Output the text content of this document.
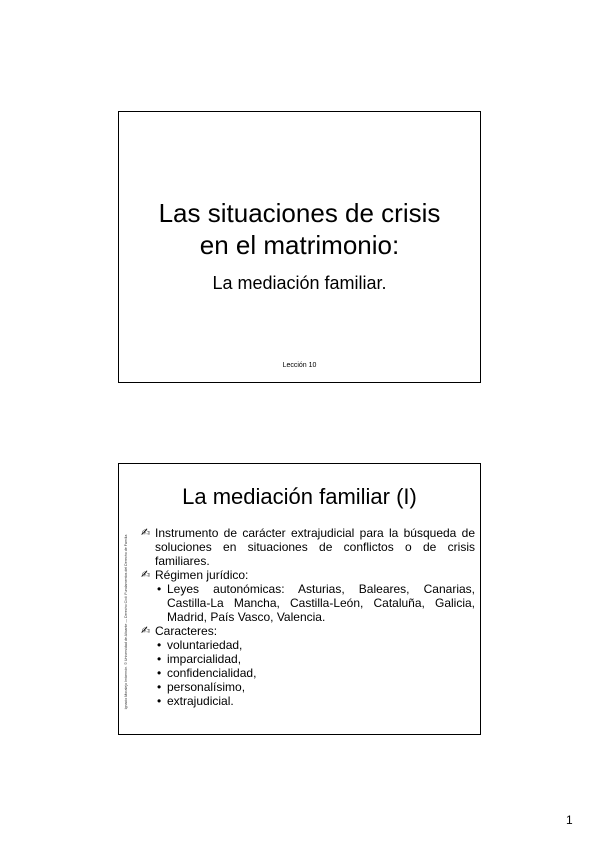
Las situaciones de crisis
en el matrimonio:
La mediación familiar.
Lección 10
La mediación familiar (I)
Ignacio Moralejo Imbernón. © Universidad de Alicante — Derecho Civil: Fundamentos del Derecho de Familia
✍ Instrumento de carácter extrajudicial para la búsqueda de soluciones en situaciones de conflictos o de crisis familiares.
✍ Régimen jurídico:
• Leyes autonómicas: Asturias, Baleares, Canarias, Castilla-La Mancha, Castilla-León, Cataluña, Galicia, Madrid, País Vasco, Valencia.
✍ Caracteres:
• voluntariedad,
• imparcialidad,
• confidencialidad,
• personalísimo,
• extrajudicial.
1
